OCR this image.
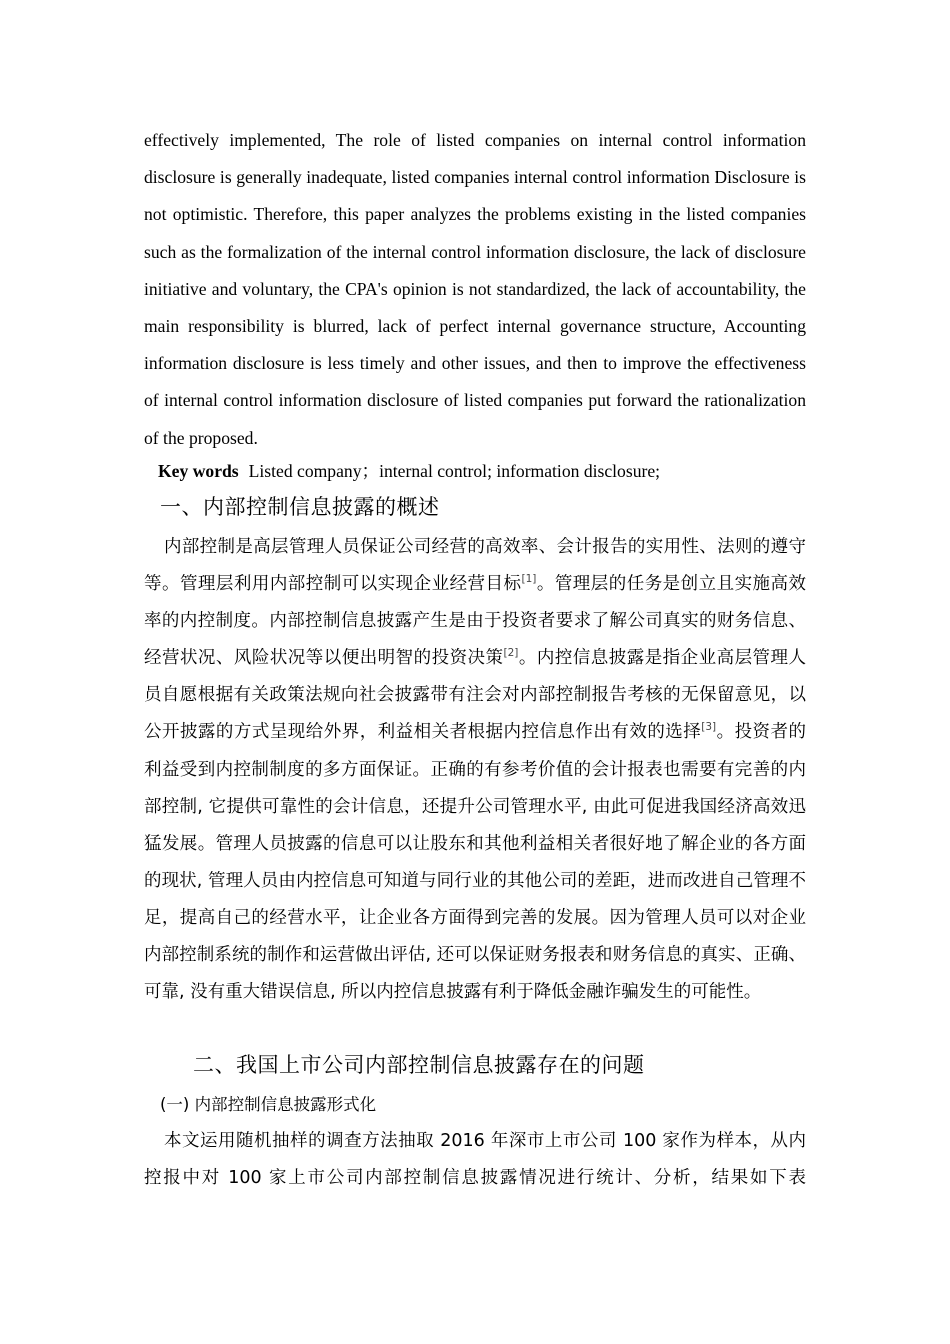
effectively implemented, The role of listed companies on internal control information disclosure is generally inadequate, listed companies internal control information Disclosure is not optimistic. Therefore, this paper analyzes the problems existing in the listed companies such as the formalization of the internal control information disclosure, the lack of disclosure initiative and voluntary, the CPA's opinion is not standardized, the lack of accountability, the main responsibility is blurred, lack of perfect internal governance structure, Accounting information disclosure is less timely and other issues, and then to improve the effectiveness of internal control information disclosure of listed companies put forward the rationalization of the proposed.

Key words Listed company；internal control; information disclosure;
一、内部控制信息披露的概述

内部控制是高层管理人员保证公司经营的高效率、会计报告的实用性、法则的遵守等。管理层利用内部控制可以实现企业经营目标[1]。管理层的任务是创立且实施高效率的内控制度。内部控制信息披露产生是由于投资者要求了解公司真实的财务信息、经营状况、风险状况等以便出明智的投资决策[2]。内控信息披露是指企业高层管理人员自愿根据有关政策法规向社会披露带有注会对内部控制报告考核的无保留意见，以公开披露的方式呈现给外界，利益相关者根据内控信息作出有效的选择[3]。投资者的利益受到内控制制度的多方面保证。正确的有参考价值的会计报表也需要有完善的内部控制, 它提供可靠性的会计信息，还提升公司管理水平, 由此可促进我国经济高效迅猛发展。管理人员披露的信息可以让股东和其他利益相关者很好地了解企业的各方面的现状, 管理人员由内控信息可知道与同行业的其他公司的差距，进而改进自己管理不足，提高自己的经营水平，让企业各方面得到完善的发展。因为管理人员可以对企业内部控制系统的制作和运营做出评估, 还可以保证财务报表和财务信息的真实、正确、可靠, 没有重大错误信息, 所以内控信息披露有利于降低金融诈骗发生的可能性。

二、我国上市公司内部控制信息披露存在的问题
(一) 内部控制信息披露形式化

本文运用随机抽样的调查方法抽取 2016 年深市上市公司 100 家作为样本，从内控报中对 100 家上市公司内部控制信息披露情况进行统计、分析，结果如下表
